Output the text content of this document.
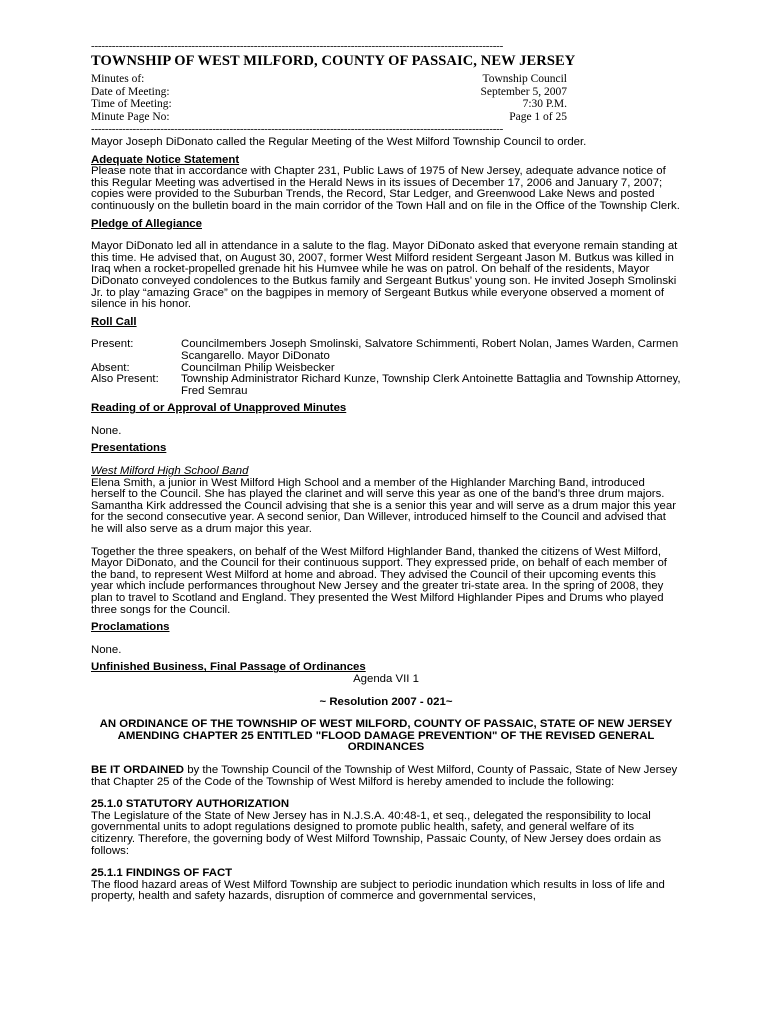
-----------------------------------------------------------------------------------------------------------------------
TOWNSHIP OF WEST MILFORD, COUNTY OF PASSAIC, NEW JERSEY
Minutes of:	Township Council
Date of Meeting:	September 5, 2007
Time of Meeting:	7:30 P.M.
Minute Page No:	Page 1 of 25
-----------------------------------------------------------------------------------------------------------------------

Mayor Joseph DiDonato called the Regular Meeting of the West Milford Township Council to order.

Adequate Notice Statement

Please note that in accordance with Chapter 231, Public Laws of 1975 of New Jersey, adequate advance notice of this Regular Meeting was advertised in the Herald News in its issues of December 17, 2006 and January 7, 2007; copies were provided to the Suburban Trends, the Record, Star Ledger, and Greenwood Lake News and posted continuously on the bulletin board in the main corridor of the Town Hall and on file in the Office of the Township Clerk.

Pledge of Allegiance

Mayor DiDonato led all in attendance in a salute to the flag. Mayor DiDonato asked that everyone remain standing at this time. He advised that, on August 30, 2007, former West Milford resident Sergeant Jason M. Butkus was killed in Iraq when a rocket-propelled grenade hit his Humvee while he was on patrol. On behalf of the residents, Mayor DiDonato conveyed condolences to the Butkus family and Sergeant Butkus’ young son. He invited Joseph Smolinski Jr. to play “amazing Grace” on the bagpipes in memory of Sergeant Butkus while everyone observed a moment of silence in his honor.

Roll Call

Present:	Councilmembers Joseph Smolinski, Salvatore Schimmenti, Robert Nolan, James Warden, Carmen Scangarello. Mayor DiDonato
Absent:	Councilman Philip Weisbecker
Also Present:	Township Administrator Richard Kunze, Township Clerk Antoinette Battaglia and Township Attorney, Fred Semrau

Reading of or Approval of Unapproved Minutes

None.

Presentations

West Milford High School Band

Elena Smith, a junior in West Milford High School and a member of the Highlander Marching Band, introduced herself to the Council. She has played the clarinet and will serve this year as one of the band’s three drum majors. Samantha Kirk addressed the Council advising that she is a senior this year and will serve as a drum major this year for the second consecutive year. A second senior, Dan Willever, introduced himself to the Council and advised that he will also serve as a drum major this year.

Together the three speakers, on behalf of the West Milford Highlander Band, thanked the citizens of West Milford, Mayor DiDonato, and the Council for their continuous support. They expressed pride, on behalf of each member of the band, to represent West Milford at home and abroad. They advised the Council of their upcoming events this year which include performances throughout New Jersey and the greater tri-state area. In the spring of 2008, they plan to travel to Scotland and England. They presented the West Milford Highlander Pipes and Drums who played three songs for the Council.

Proclamations

None.

Unfinished Business, Final Passage of Ordinances

Agenda VII 1

~ Resolution 2007 - 021~

AN ORDINANCE OF THE TOWNSHIP OF WEST MILFORD, COUNTY OF PASSAIC, STATE OF NEW JERSEY AMENDING CHAPTER 25 ENTITLED "FLOOD DAMAGE PREVENTION" OF THE REVISED GENERAL ORDINANCES

BE IT ORDAINED by the Township Council of the Township of West Milford, County of Passaic, State of New Jersey that Chapter 25 of the Code of the Township of West Milford is hereby amended to include the following:

25.1.0 STATUTORY AUTHORIZATION

The Legislature of the State of New Jersey has in N.J.S.A. 40:48-1, et seq., delegated the responsibility to local governmental units to adopt regulations designed to promote public health, safety, and general welfare of its citizenry. Therefore, the governing body of West Milford Township, Passaic County, of New Jersey does ordain as follows:

25.1.1 FINDINGS OF FACT

The flood hazard areas of West Milford Township are subject to periodic inundation which results in loss of life and property, health and safety hazards, disruption of commerce and governmental services,
